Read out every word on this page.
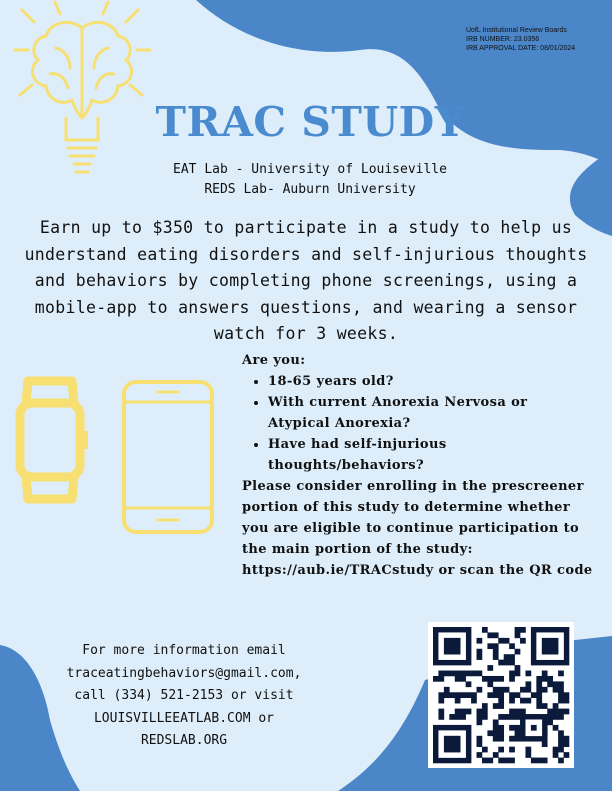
UofL Institutional Review Boards
IRB NUMBER: 23.0356
IRB APPROVAL DATE: 08/01/2024
TRAC STUDY
EAT Lab - University of Louiseville
REDS Lab- Auburn University
Earn up to $350 to participate in a study to help us understand eating disorders and self-injurious thoughts and behaviors by completing phone screenings, using a mobile-app to answers questions, and wearing a sensor watch for 3 weeks.
Are you:
• 18-65 years old?
• With current Anorexia Nervosa or Atypical Anorexia?
• Have had self-injurious thoughts/behaviors?
Please consider enrolling in the prescreener portion of this study to determine whether you are eligible to continue participation to the main portion of the study: https://aub.ie/TRACstudy or scan the QR code
For more information email
traceatingbehaviors@gmail.com,
call (334) 521-2153 or visit
LOUISVILLEEATLAB.COM or
REDSLAB.ORG
